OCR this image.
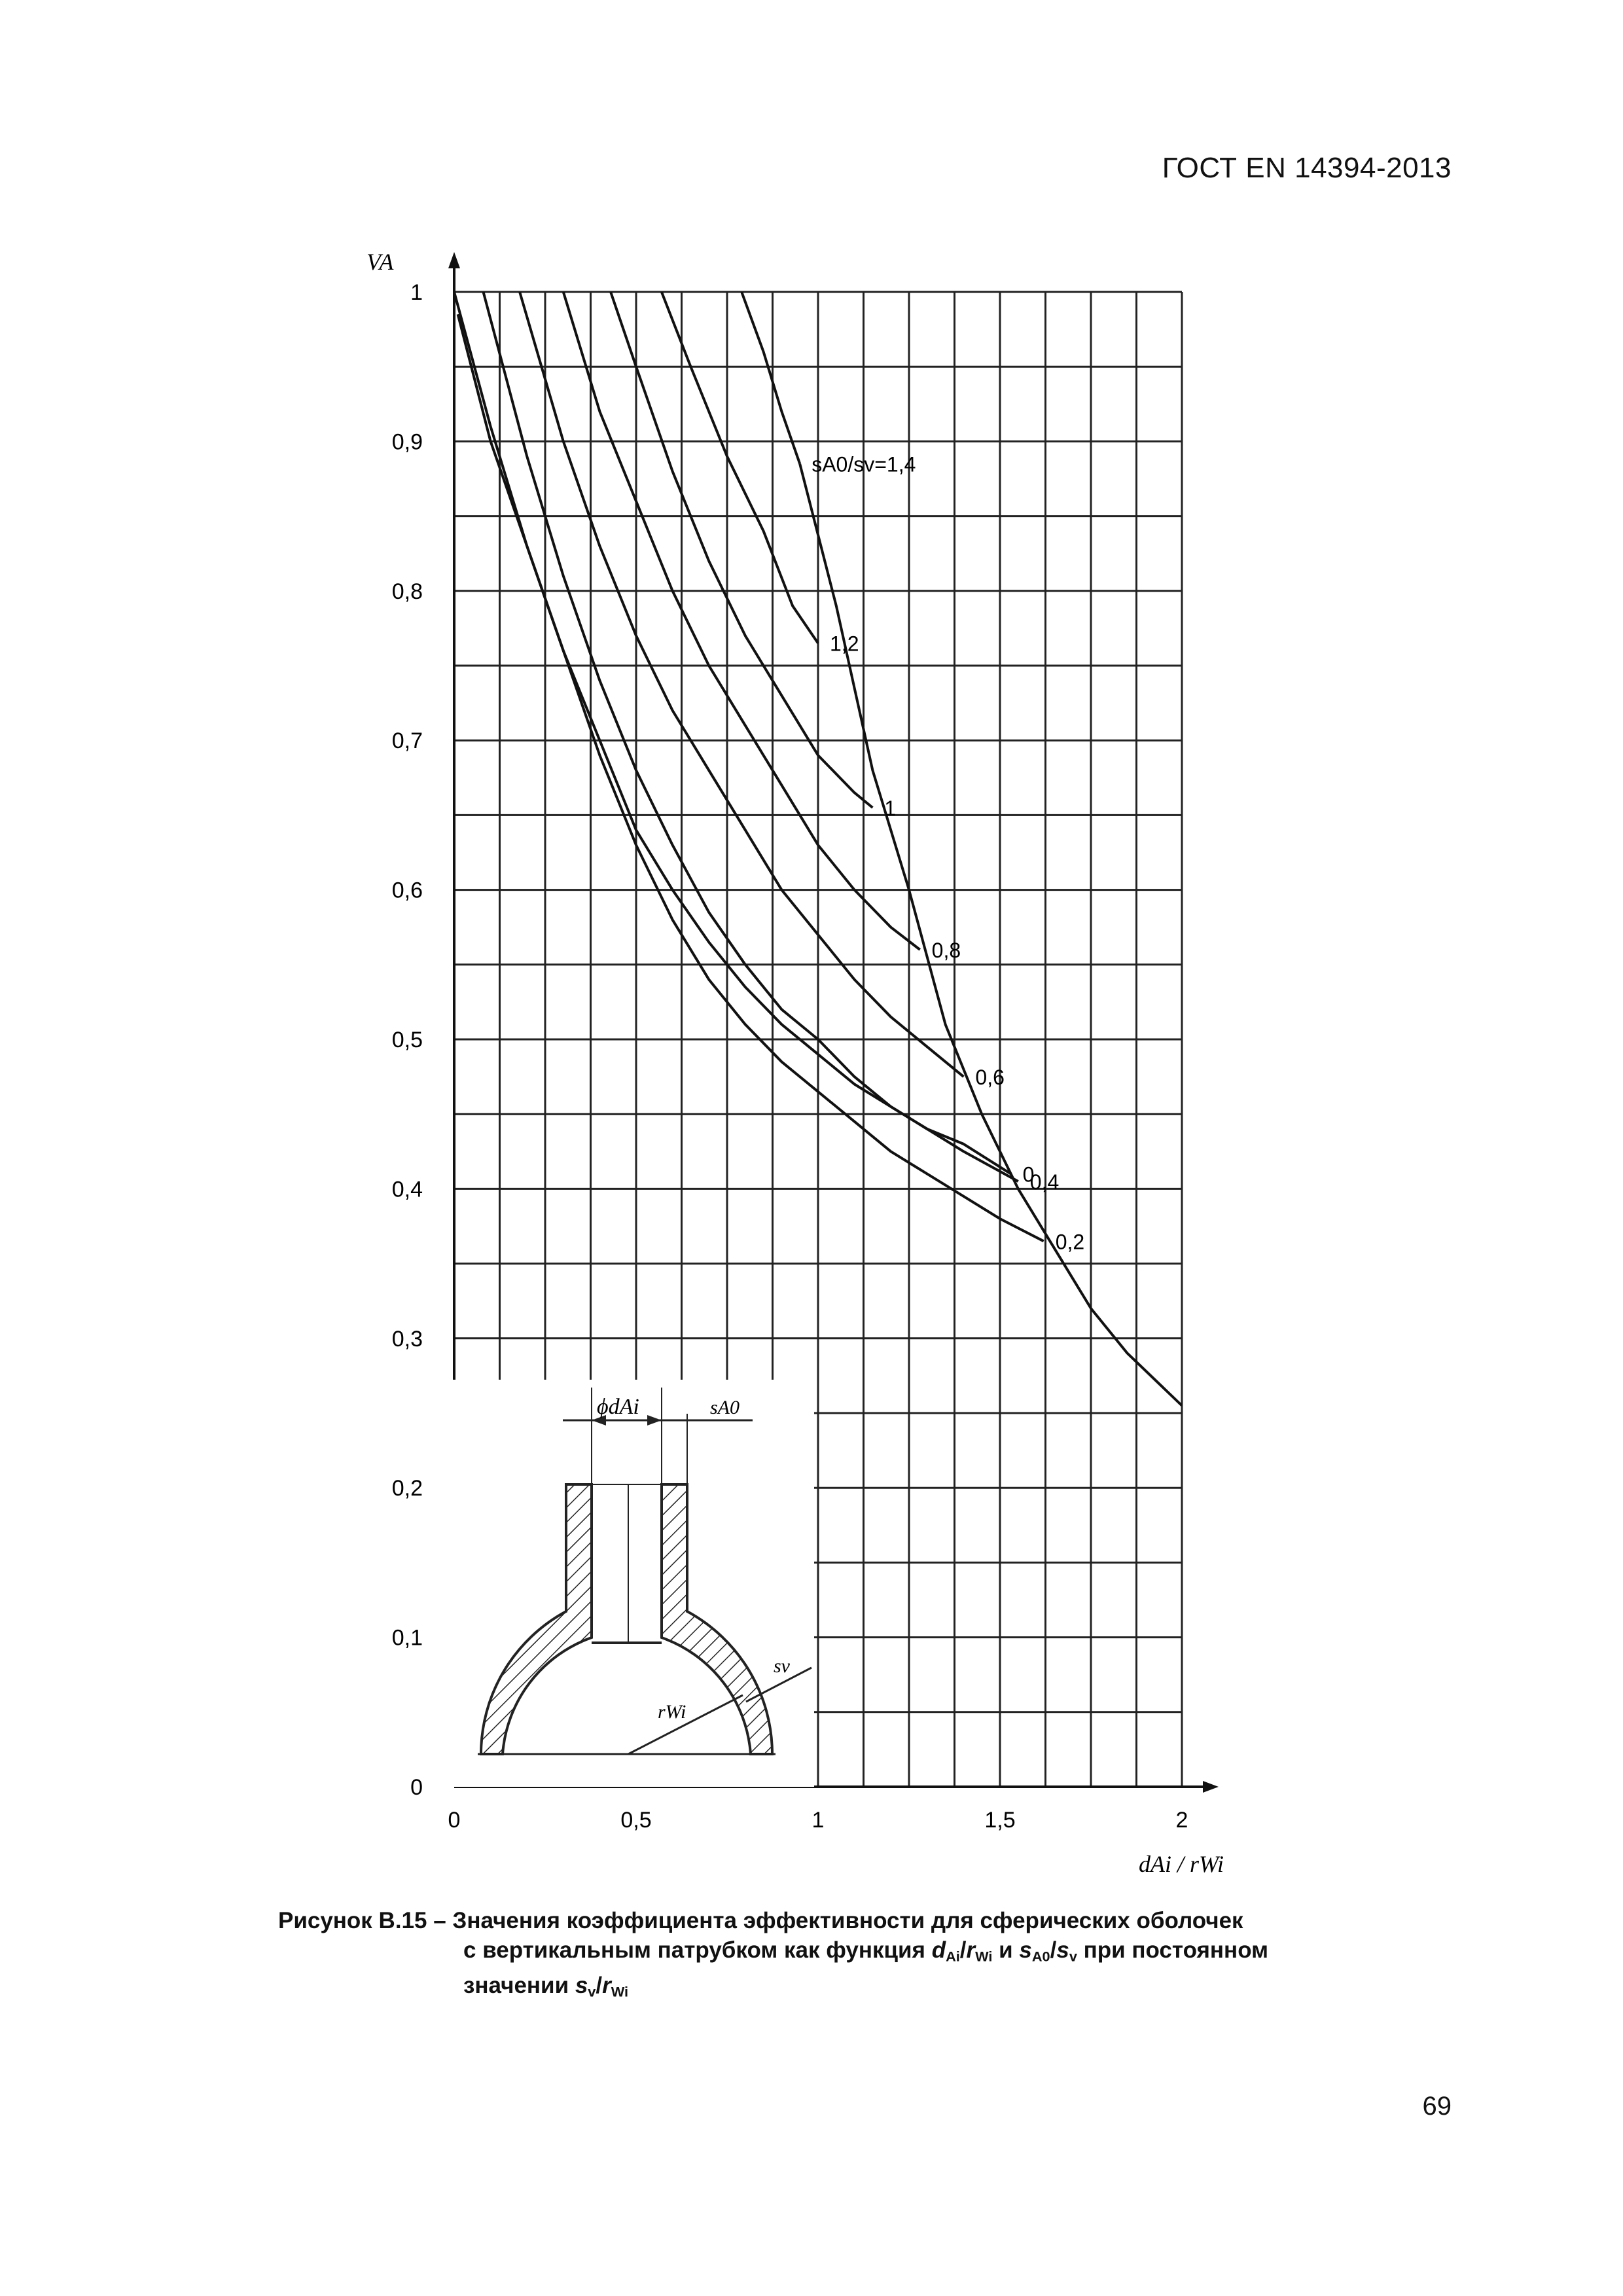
ГОСТ EN 14394-2013
sA0/sv=1,4
1,2
1
0,8
0,6
0
0,4
0,2
0	0,5	1	1,5	2
0
0,1
0,2
0,3
0,4
0,5
0,6
0,7
0,8
0,9
1
ϕdAi	sA0
sv
rWi
VA
dAi / rWi
Рисунок В.15 – Значения коэффициента эффективности для сферических оболочек
с вертикальным патрубком как функция $d_{Ai}/r_{Wi}$ и $s_{A0}/s_v$ при постоянном
значении $s_v/r_{Wi}$
69
